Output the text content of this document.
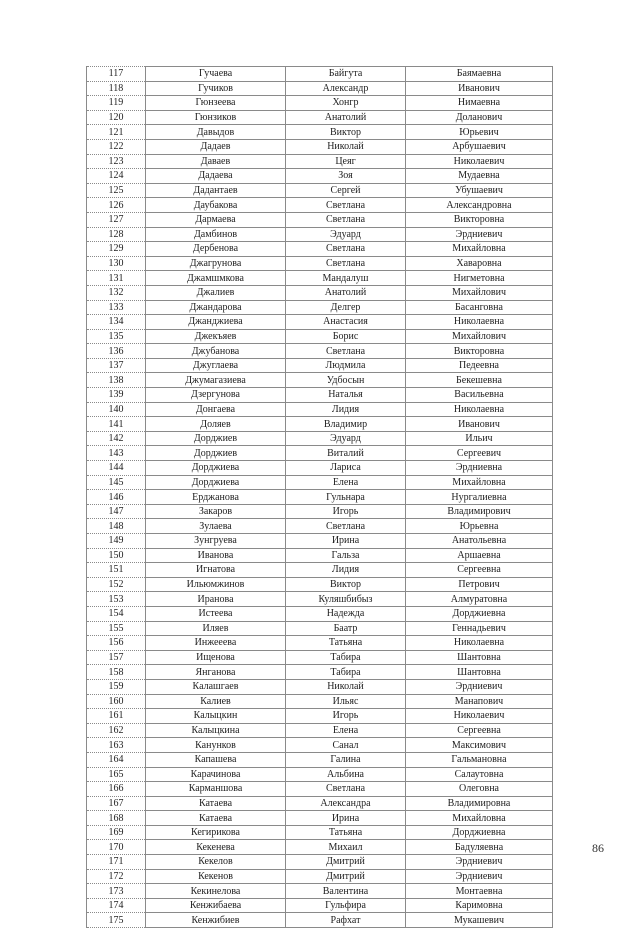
117	Гучаева	Байгута	Баямаевна
118	Гучиков	Александр	Иванович
119	Гюнзеева	Хонгр	Нимаевна
120	Гюнзиков	Анатолий	Доланович
121	Давыдов	Виктор	Юрьевич
122	Дадаев	Николай	Арбушаевич
123	Даваев	Цеяг	Николаевич
124	Дадаева	Зоя	Мудаевна
125	Дадантаев	Сергей	Убушаевич
126	Даубакова	Светлана	Александровна
127	Дармаева	Светлана	Викторовна
128	Дамбинов	Эдуард	Эрдниевич
129	Дербенова	Светлана	Михайловна
130	Джагрунова	Светлана	Хаваровна
131	Джамшмкова	Мандалуш	Нигметовна
132	Джалиев	Анатолий	Михайлович
133	Джандарова	Делгер	Басанговна
134	Джанджиева	Анастасия	Николаевна
135	Джекъяев	Борис	Михайлович
136	Джубанова	Светлана	Викторовна
137	Джуглаева	Людмила	Педеевна
138	Джумагазиева	Удбосын	Бекешевна
139	Дзергунова	Наталья	Васильевна
140	Донгаева	Лидия	Николаевна
141	Доляев	Владимир	Иванович
142	Дорджиев	Эдуард	Ильич
143	Дорджиев	Виталий	Сергеевич
144	Дорджиева	Лариса	Эрдниевна
145	Дорджиева	Елена	Михайловна
146	Ерджанова	Гульнара	Нургалиевна
147	Закаров	Игорь	Владимирович
148	Зулаева	Светлана	Юрьевна
149	Зунгруева	Ирина	Анатольевна
150	Иванова	Гальза	Аршаевна
151	Игнатова	Лидия	Сергеевна
152	Ильюмжинов	Виктор	Петрович
153	Иранова	Куляшбибыз	Алмуратовна
154	Истеева	Надежда	Дорджиевна
155	Иляев	Баатр	Геннадьевич
156	Инжееева	Татьяна	Николаевна
157	Ищенова	Табира	Шантовна
158	Янганова	Табира	Шантовна
159	Калашгаев	Николай	Эрдниевич
160	Калиев	Ильяс	Манапович
161	Калыцкин	Игорь	Николаевич
162	Калыцкина	Елена	Сергеевна
163	Канунков	Санал	Максимович
164	Капашева	Галина	Гальмановна
165	Карачинова	Альбина	Салаутовна
166	Карманшова	Светлана	Олеговна
167	Катаева	Александра	Владимировна
168	Катаева	Ирина	Михайловна
169	Кегирикова	Татьяна	Дорджиевна
170	Кекенева	Михаил	Бадуляевна
171	Кекелов	Дмитрий	Эрдниевич
172	Кекенов	Дмитрий	Эрдниевич
173	Кекинелова	Валентина	Монтаевна
174	Кенжибаева	Гульфира	Каримовна
175	Кенжибиев	Рафхат	Мукашевич
86
